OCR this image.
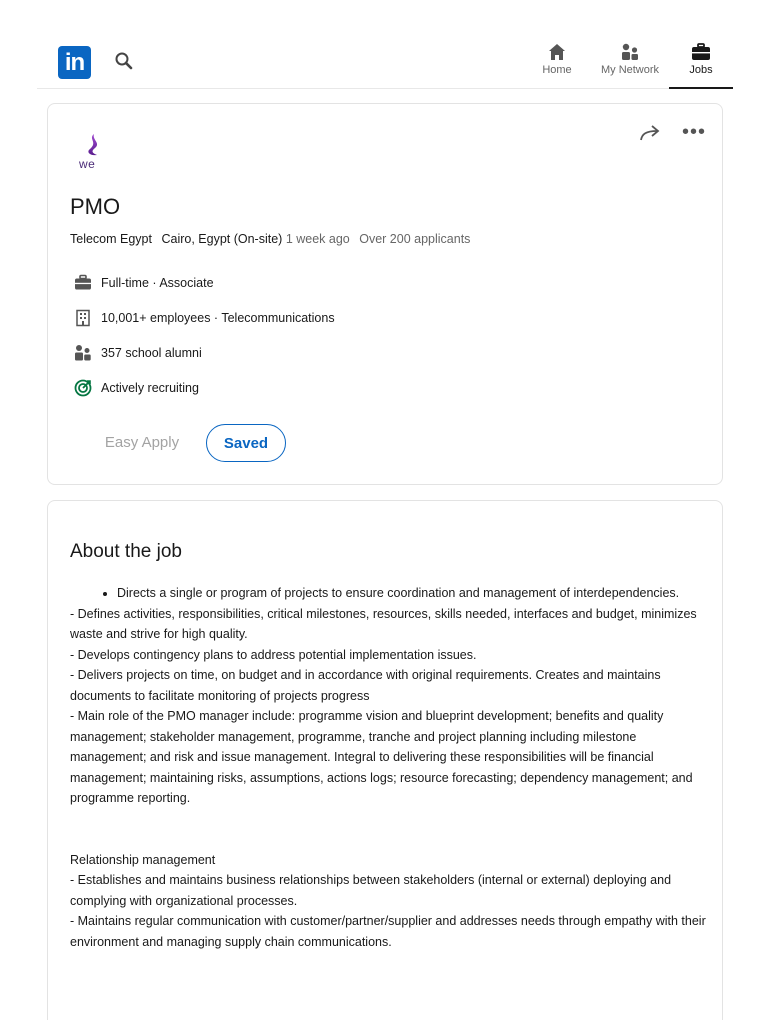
in	Home	My Network	Jobs
we
•••
PMO
Telecom Egypt Cairo, Egypt (On-site) 1 week ago Over 200 applicants
Full-time · Associate
10,001+ employees · Telecommunications
357 school alumni
Actively recruiting
Easy Apply	Saved
About the job
• Directs a single or program of projects to ensure coordination and management of interdependencies.

- Defines activities, responsibilities, critical milestones, resources, skills needed, interfaces and budget, minimizes waste and strive for high quality.

- Develops contingency plans to address potential implementation issues.

- Delivers projects on time, on budget and in accordance with original requirements. Creates and maintains documents to facilitate monitoring of projects progress

- Main role of the PMO manager include: programme vision and blueprint development; benefits and quality management; stakeholder management, programme, tranche and project planning including milestone management; and risk and issue management. Integral to delivering these responsibilities will be financial management; maintaining risks, assumptions, actions logs; resource forecasting; dependency management; and programme reporting.

Relationship management

- Establishes and maintains business relationships between stakeholders (internal or external) deploying and complying with organizational processes.

- Maintains regular communication with customer/partner/supplier and addresses needs through empathy with their environment and managing supply chain communications.
